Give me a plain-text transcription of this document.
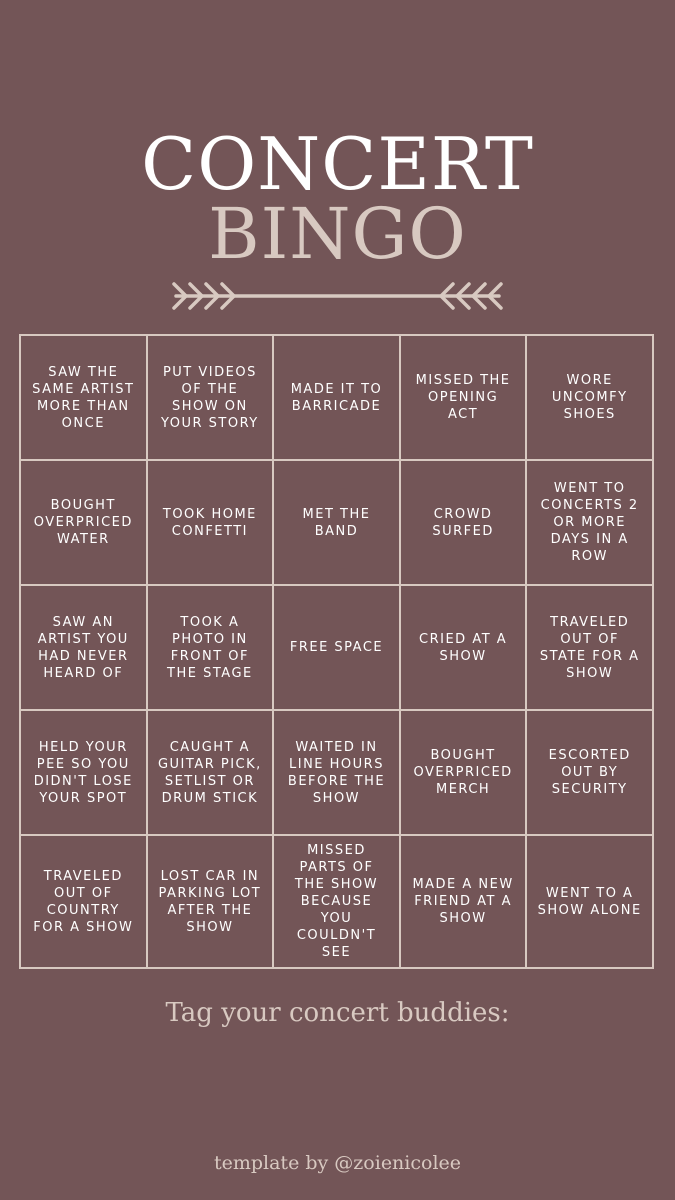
CONCERT
BINGO
SAW THE SAME ARTIST MORE THAN ONCE
PUT VIDEOS OF THE SHOW ON YOUR STORY
MADE IT TO BARRICADE
MISSED THE OPENING ACT
WORE UNCOMFY SHOES
BOUGHT OVERPRICED WATER
TOOK HOME CONFETTI
MET THE BAND
CROWD SURFED
WENT TO CONCERTS 2 OR MORE DAYS IN A ROW
SAW AN ARTIST YOU HAD NEVER HEARD OF
TOOK A PHOTO IN FRONT OF THE STAGE
FREE SPACE
CRIED AT A SHOW
TRAVELED OUT OF STATE FOR A SHOW
HELD YOUR PEE SO YOU DIDN'T LOSE YOUR SPOT
CAUGHT A GUITAR PICK, SETLIST OR DRUM STICK
WAITED IN LINE HOURS BEFORE THE SHOW
BOUGHT OVERPRICED MERCH
ESCORTED OUT BY SECURITY
TRAVELED OUT OF COUNTRY FOR A SHOW
LOST CAR IN PARKING LOT AFTER THE SHOW
MISSED PARTS OF THE SHOW BECAUSE YOU COULDN'T SEE
MADE A NEW FRIEND AT A SHOW
WENT TO A SHOW ALONE
Tag your concert buddies:
template by @zoienicolee
